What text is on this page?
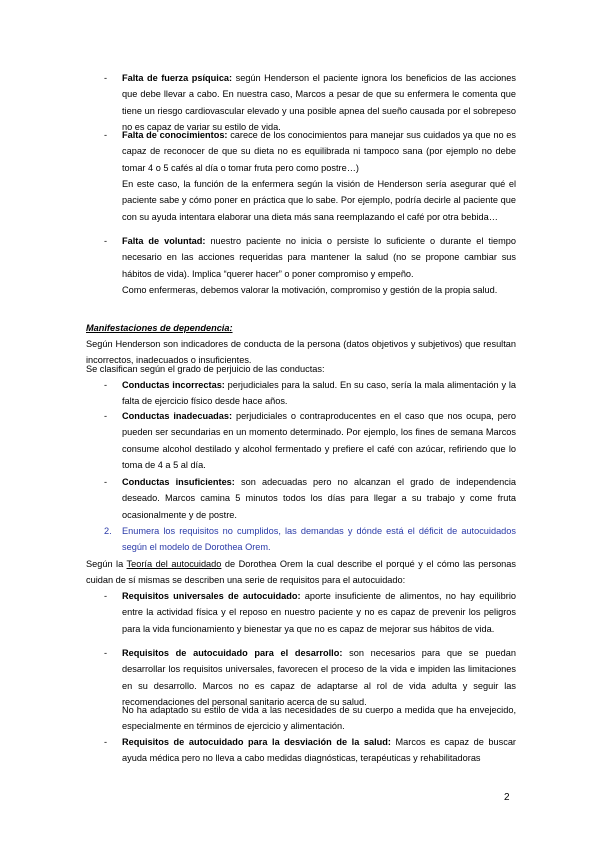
- Falta de fuerza psíquica: según Henderson el paciente ignora los beneficios de las acciones que debe llevar a cabo. En nuestra caso, Marcos a pesar de que su enfermera le comenta que tiene un riesgo cardiovascular elevado y una posible apnea del sueño causada por el sobrepeso no es capaz de variar su estilo de vida.
- Falta de conocimientos: carece de los conocimientos para manejar sus cuidados ya que no es capaz de reconocer de que su dieta no es equilibrada ni tampoco sana (por ejemplo no debe tomar 4 o 5 cafés al día o tomar fruta pero como postre…)
En este caso, la función de la enfermera según la visión de Henderson sería asegurar qué el paciente sabe y cómo poner en práctica que lo sabe. Por ejemplo, podría decirle al paciente que con su ayuda intentara elaborar una dieta más sana reemplazando el café por otra bebida…
- Falta de voluntad: nuestro paciente no inicia o persiste lo suficiente o durante el tiempo necesario en las acciones requeridas para mantener la salud (no se propone cambiar sus hábitos de vida). Implica “querer hacer” o poner compromiso y empeño.
Como enfermeras, debemos valorar la motivación, compromiso y gestión de la propia salud.
Manifestaciones de dependencia:
Según Henderson son indicadores de conducta de la persona (datos objetivos y subjetivos) que resultan incorrectos, inadecuados o insuficientes.
Se clasifican según el grado de perjuicio de las conductas:
- Conductas incorrectas: perjudiciales para la salud. En su caso, sería la mala alimentación y la falta de ejercicio físico desde hace años.
- Conductas inadecuadas: perjudiciales o contraproducentes en el caso que nos ocupa, pero pueden ser secundarias en un momento determinado. Por ejemplo, los fines de semana Marcos consume alcohol destilado y alcohol fermentado y prefiere el café con azúcar, refiriendo que lo toma de 4 a 5 al día.
- Conductas insuficientes: son adecuadas pero no alcanzan el grado de independencia deseado. Marcos camina 5 minutos todos los días para llegar a su trabajo y come fruta ocasionalmente y de postre.
2. Enumera los requisitos no cumplidos, las demandas y dónde está el déficit de autocuidados según el modelo de Dorothea Orem.
Según la Teoría del autocuidado de Dorothea Orem la cual describe el porqué y el cómo las personas cuidan de sí mismas se describen una serie de requisitos para el autocuidado:
- Requisitos universales de autocuidado: aporte insuficiente de alimentos, no hay equilibrio entre la actividad física y el reposo en nuestro paciente y no es capaz de prevenir los peligros para la vida funcionamiento y bienestar ya que no es capaz de mejorar sus hábitos de vida.
- Requisitos de autocuidado para el desarrollo: son necesarios para que se puedan desarrollar los requisitos universales, favorecen el proceso de la vida e impiden las limitaciones en su desarrollo. Marcos no es capaz de adaptarse al rol de vida adulta y seguir las recomendaciones del personal sanitario acerca de su salud.
No ha adaptado su estilo de vida a las necesidades de su cuerpo a medida que ha envejecido, especialmente en términos de ejercicio y alimentación.
- Requisitos de autocuidado para la desviación de la salud: Marcos es capaz de buscar ayuda médica pero no lleva a cabo medidas diagnósticas, terapéuticas y rehabilitadoras
2
